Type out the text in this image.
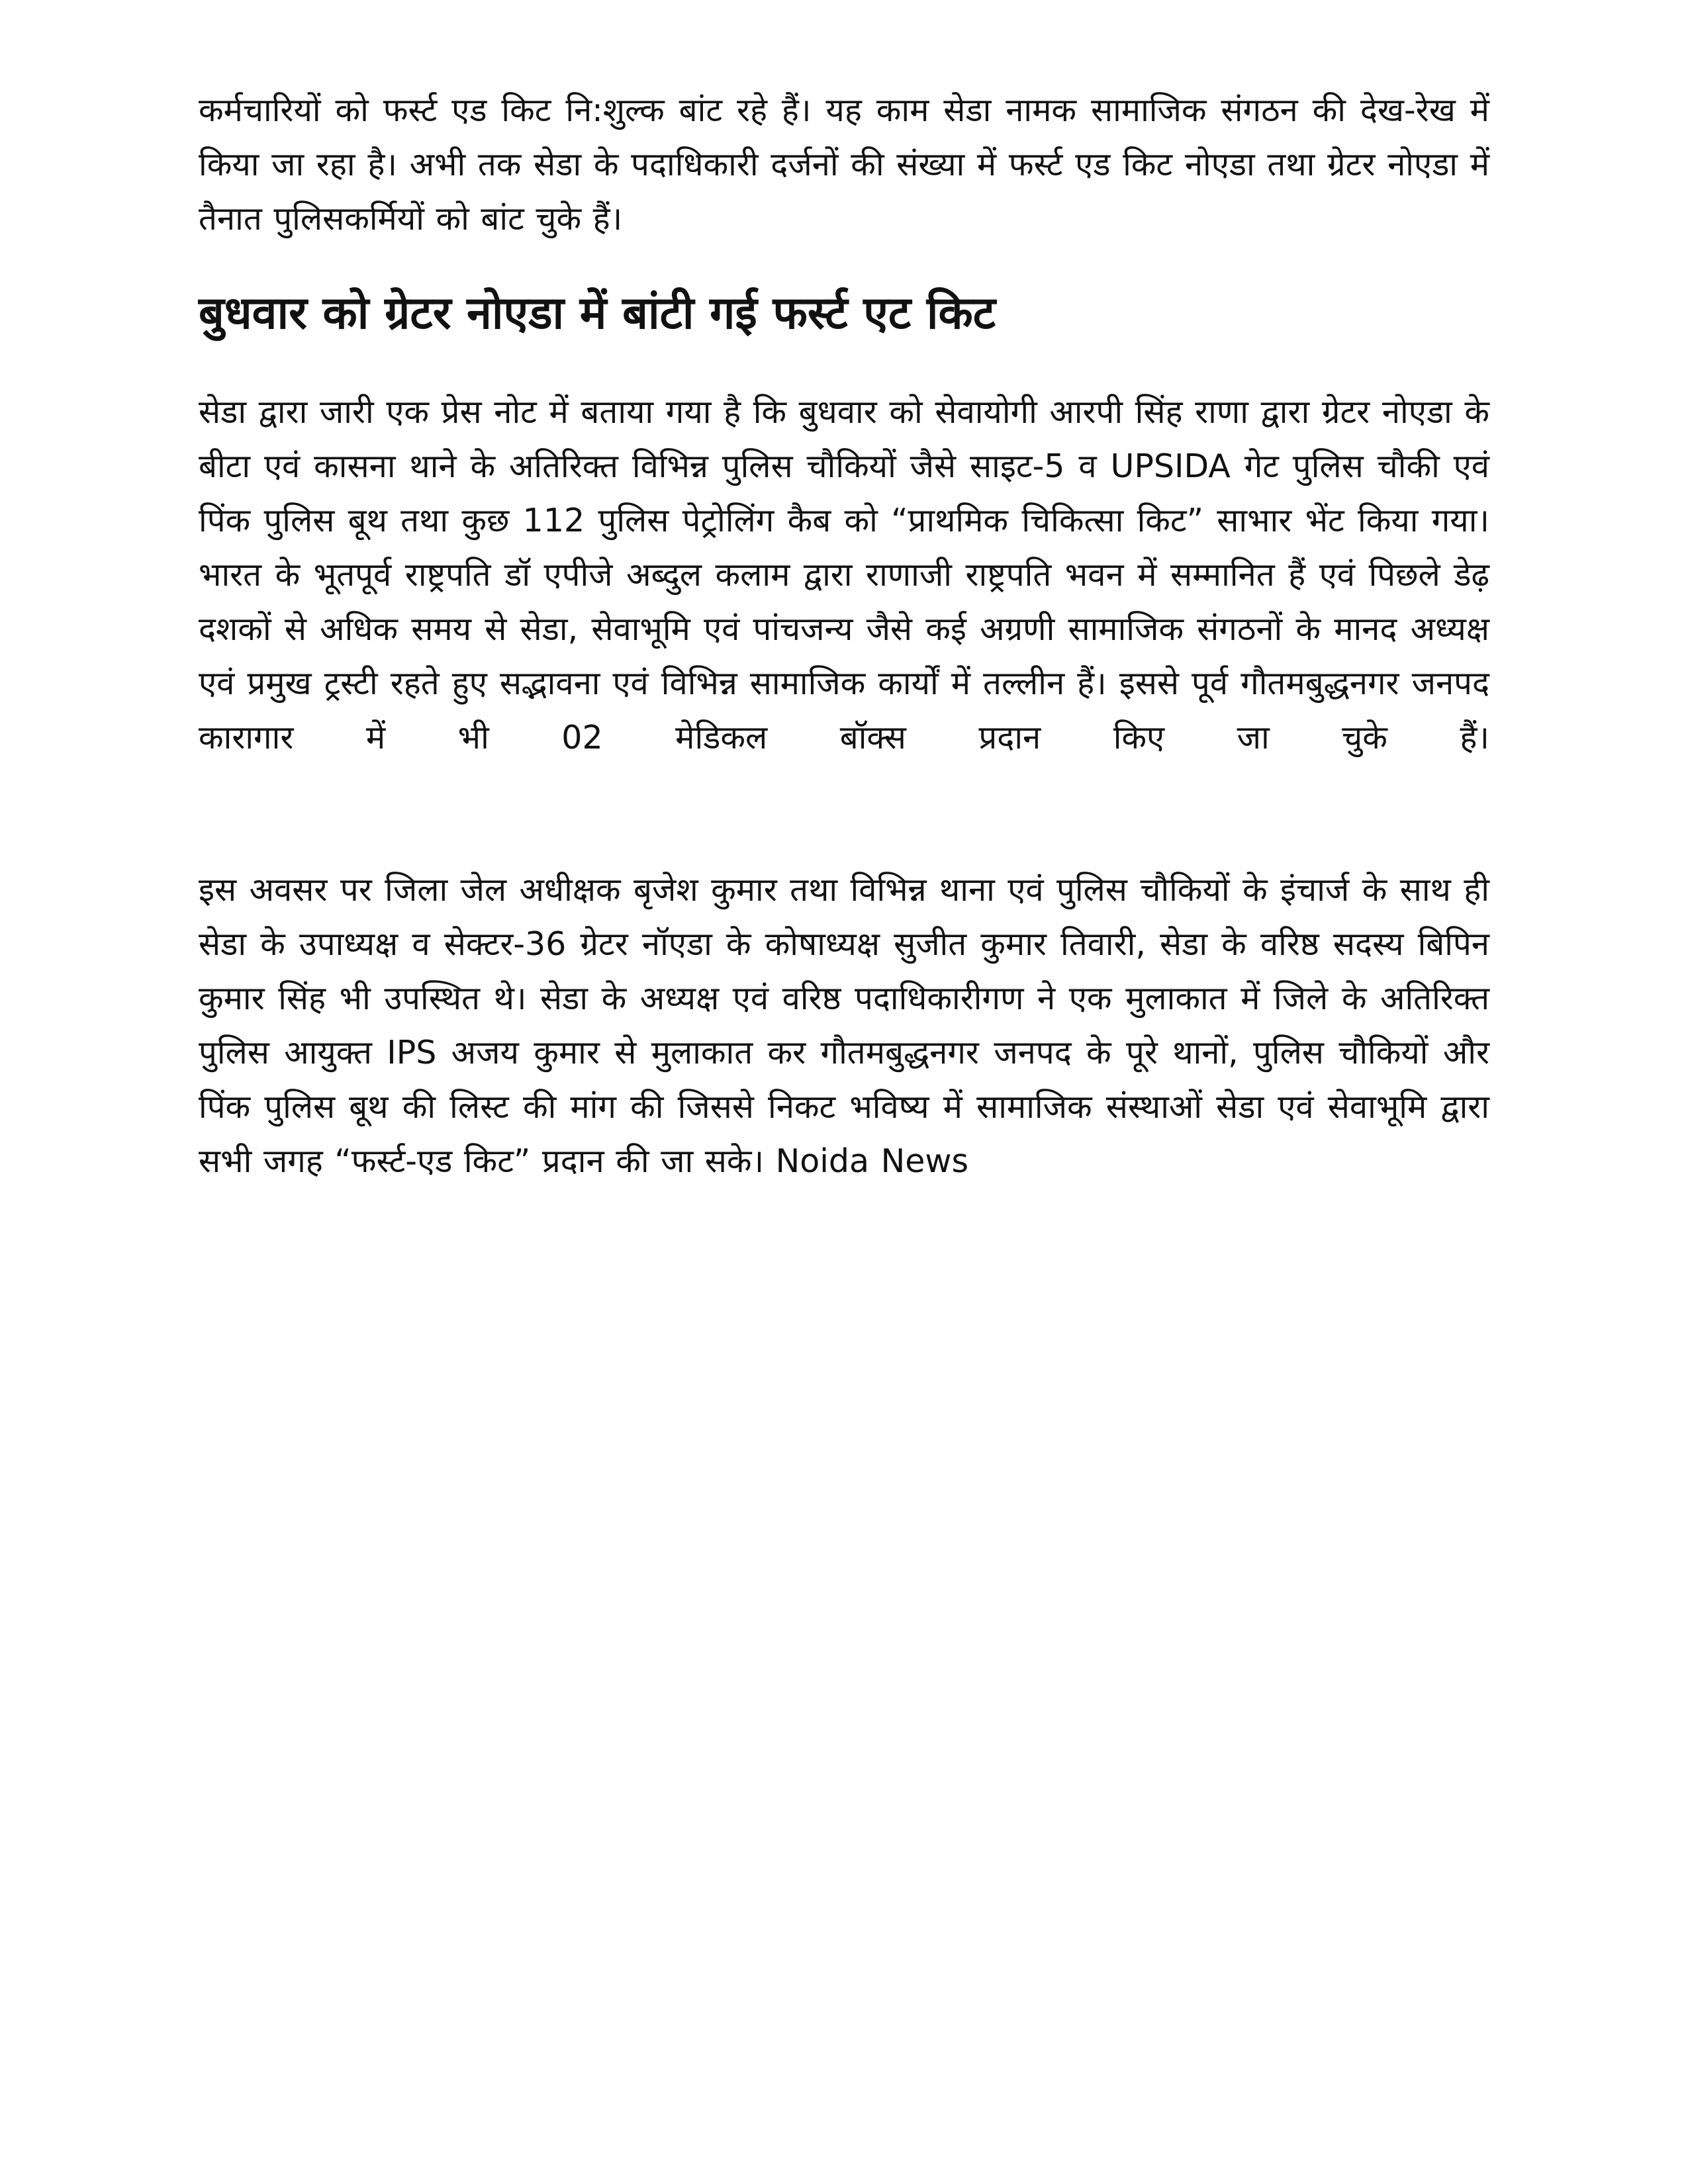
कर्मचारियों को फर्स्ट एड किट नि:शुल्क बांट रहे हैं। यह काम सेडा नामक सामाजिक संगठन की देख-रेख में किया जा रहा है। अभी तक सेडा के पदाधिकारी दर्जनों की संख्या में फर्स्ट एड किट नोएडा तथा ग्रेटर नोएडा में तैनात पुलिसकर्मियों को बांट चुके हैं।

बुधवार को ग्रेटर नोएडा में बांटी गई फर्स्ट एट किट

सेडा द्वारा जारी एक प्रेस नोट में बताया गया है कि बुधवार को सेवायोगी आरपी सिंह राणा द्वारा ग्रेटर नोएडा के बीटा एवं कासना थाने के अतिरिक्त विभिन्न पुलिस चौकियों जैसे साइट-5 व UPSIDA गेट पुलिस चौकी एवं पिंक पुलिस बूथ तथा कुछ 112 पुलिस पेट्रोलिंग कैब को “प्राथमिक चिकित्सा किट” साभार भेंट किया गया। भारत के भूतपूर्व राष्ट्रपति डॉ एपीजे अब्दुल कलाम द्वारा राणाजी राष्ट्रपति भवन में सम्मानित हैं एवं पिछले डेढ़ दशकों से अधिक समय से सेडा, सेवाभूमि एवं पांचजन्य जैसे कई अग्रणी सामाजिक संगठनों के मानद अध्यक्ष एवं प्रमुख ट्रस्टी रहते हुए सद्भावना एवं विभिन्न सामाजिक कार्यों में तल्लीन हैं। इससे पूर्व गौतमबुद्धनगर जनपद कारागार में भी 02 मेडिकल बॉक्स प्रदान किए जा चुके हैं।

इस अवसर पर जिला जेल अधीक्षक बृजेश कुमार तथा विभिन्न थाना एवं पुलिस चौकियों के इंचार्ज के साथ ही सेडा के उपाध्यक्ष व सेक्टर-36 ग्रेटर नॉएडा के कोषाध्यक्ष सुजीत कुमार तिवारी, सेडा के वरिष्ठ सदस्य बिपिन कुमार सिंह भी उपस्थित थे। सेडा के अध्यक्ष एवं वरिष्ठ पदाधिकारीगण ने एक मुलाकात में जिले के अतिरिक्त पुलिस आयुक्त IPS अजय कुमार से मुलाकात कर गौतमबुद्धनगर जनपद के पूरे थानों, पुलिस चौकियों और पिंक पुलिस बूथ की लिस्ट की मांग की जिससे निकट भविष्य में सामाजिक संस्थाओं सेडा एवं सेवाभूमि द्वारा सभी जगह “फर्स्ट-एड किट” प्रदान की जा सके। Noida News
